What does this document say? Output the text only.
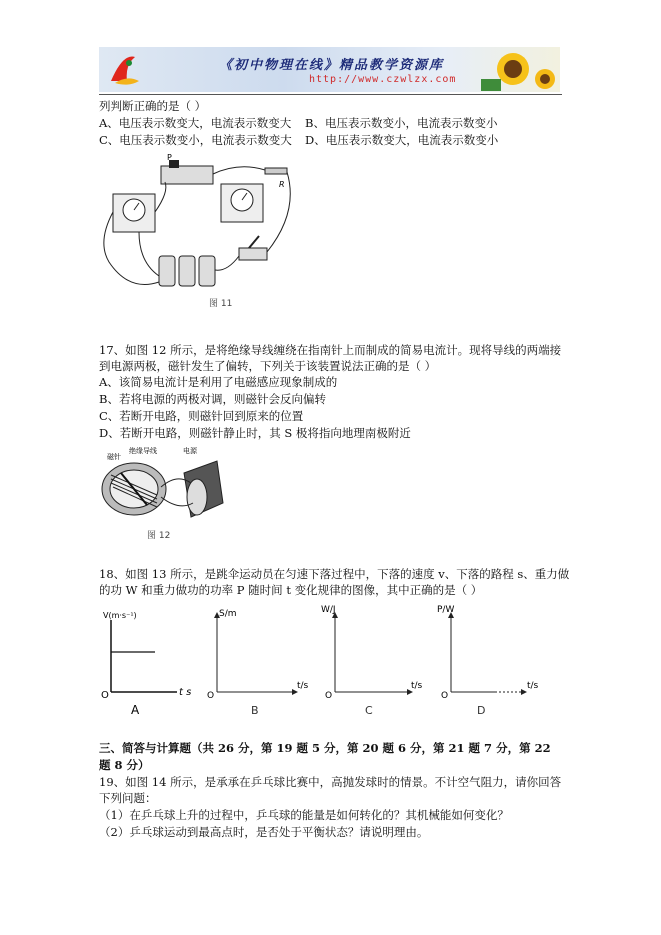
《初中物理在线》精品教学资源库
http://www.czwlzx.com
列判断正确的是（ ）
A、电压表示数变大，电流表示数变大 B、电压表示数变小，电流表示数变小
C、电压表示数变小，电流表示数变大 D、电压表示数变大，电流表示数变小
P
R
图 11
17、如图 12 所示，是将绝缘导线缠绕在指南针上而制成的简易电流计。现将导线的两端接
到电源两极，磁针发生了偏转，下列关于该装置说法正确的是（ ）
A、该简易电流计是利用了电磁感应现象制成的
B、若将电源的两极对调，则磁针会反向偏转
C、若断开电路，则磁针回到原来的位置
D、若断开电路，则磁针静止时，其 S 极将指向地理南极附近
磁针
绝缘导线	电源
图 12
18、如图 13 所示，是跳伞运动员在匀速下落过程中，下落的速度 v、下落的路程 s、重力做
的功 W 和重力做功的功率 P 随时间 t 变化规律的图像，其中正确的是（ ）
V(m·s⁻¹)
t s
O
A
S/m
t/s
O
B
W/J
t/s
O
C
P/W
t/s
O
D
三、简答与计算题（共 26 分，第 19 题 5 分，第 20 题 6 分，第 21 题 7 分，第 22
题 8 分）
19、如图 14 所示，是承承在乒乓球比赛中，高抛发球时的情景。不计空气阻力，请你回答
下列问题：
（1）在乒乓球上升的过程中，乒乓球的能量是如何转化的？其机械能如何变化？
（2）乒乓球运动到最高点时，是否处于平衡状态？请说明理由。
